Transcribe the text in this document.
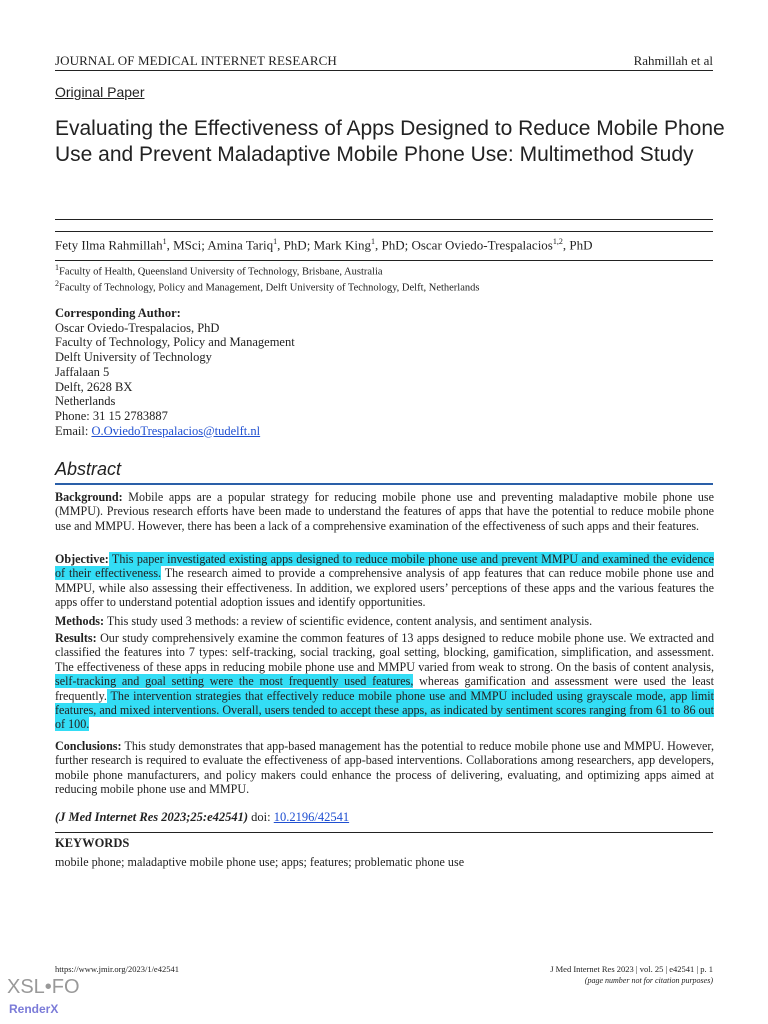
JOURNAL OF MEDICAL INTERNET RESEARCH	Rahmillah et al
Original Paper
Evaluating the Effectiveness of Apps Designed to Reduce Mobile Phone Use and Prevent Maladaptive Mobile Phone Use: Multimethod Study
Fety Ilma Rahmillah$^1$, MSci; Amina Tariq$^1$, PhD; Mark King$^1$, PhD; Oscar Oviedo-Trespalacios$^{1,2}$, PhD
$^1$Faculty of Health, Queensland University of Technology, Brisbane, Australia
$^2$Faculty of Technology, Policy and Management, Delft University of Technology, Delft, Netherlands
Corresponding Author:
Oscar Oviedo-Trespalacios, PhD
Faculty of Technology, Policy and Management
Delft University of Technology
Jaffalaan 5
Delft, 2628 BX
Netherlands
Phone: 31 15 2783887
Email: O.OviedoTrespalacios@tudelft.nl
Abstract
Background: Mobile apps are a popular strategy for reducing mobile phone use and preventing maladaptive mobile phone use (MMPU). Previous research efforts have been made to understand the features of apps that have the potential to reduce mobile phone use and MMPU. However, there has been a lack of a comprehensive examination of the effectiveness of such apps and their features.
Objective: This paper investigated existing apps designed to reduce mobile phone use and prevent MMPU and examined the evidence of their effectiveness. The research aimed to provide a comprehensive analysis of app features that can reduce mobile phone use and MMPU, while also assessing their effectiveness. In addition, we explored users’ perceptions of these apps and the various features the apps offer to understand potential adoption issues and identify opportunities.
Methods: This study used 3 methods: a review of scientific evidence, content analysis, and sentiment analysis.
Results: Our study comprehensively examine the common features of 13 apps designed to reduce mobile phone use. We extracted and classified the features into 7 types: self-tracking, social tracking, goal setting, blocking, gamification, simplification, and assessment. The effectiveness of these apps in reducing mobile phone use and MMPU varied from weak to strong. On the basis of content analysis, self-tracking and goal setting were the most frequently used features, whereas gamification and assessment were used the least frequently. The intervention strategies that effectively reduce mobile phone use and MMPU included using grayscale mode, app limit features, and mixed interventions. Overall, users tended to accept these apps, as indicated by sentiment scores ranging from 61 to 86 out of 100.
Conclusions: This study demonstrates that app-based management has the potential to reduce mobile phone use and MMPU. However, further research is required to evaluate the effectiveness of app-based interventions. Collaborations among researchers, app developers, mobile phone manufacturers, and policy makers could enhance the process of delivering, evaluating, and optimizing apps aimed at reducing mobile phone use and MMPU.
(J Med Internet Res 2023;25:e42541) doi: 10.2196/42541
KEYWORDS
mobile phone; maladaptive mobile phone use; apps; features; problematic phone use
https://www.jmir.org/2023/1/e42541	J Med Internet Res 2023 | vol. 25 | e42541 | p. 1
(page number not for citation purposes)
XSL•FO
RenderX
